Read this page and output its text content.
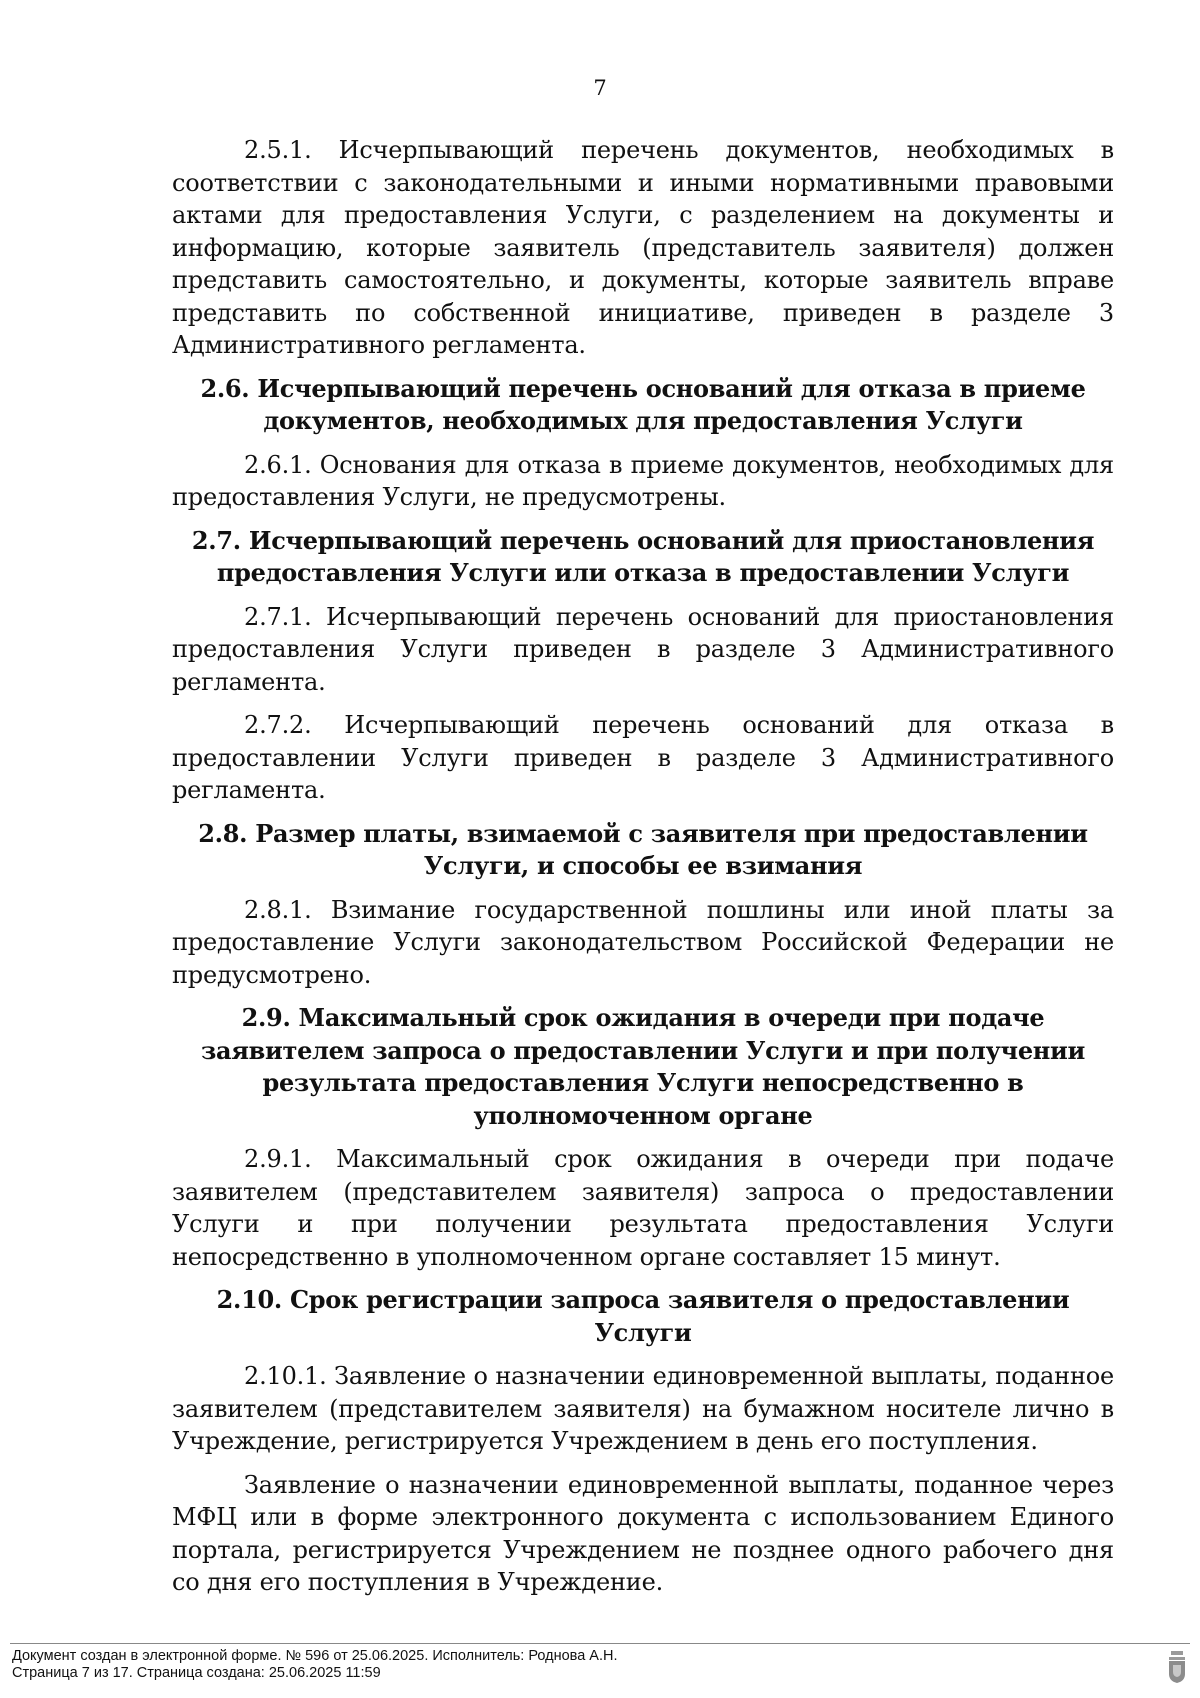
7

2.5.1. Исчерпывающий перечень документов, необходимых в соответствии с законодательными и иными нормативными правовыми актами для предоставления Услуги, с разделением на документы и информацию, которые заявитель (представитель заявителя) должен представить самостоятельно, и документы, которые заявитель вправе представить по собственной инициативе, приведен в разделе 3 Административного регламента.

2.6. Исчерпывающий перечень оснований для отказа в приеме документов, необходимых для предоставления Услуги

2.6.1. Основания для отказа в приеме документов, необходимых для предоставления Услуги, не предусмотрены.

2.7. Исчерпывающий перечень оснований для приостановления предоставления Услуги или отказа в предоставлении Услуги

2.7.1. Исчерпывающий перечень оснований для приостановления предоставления Услуги приведен в разделе 3 Административного регламента.

2.7.2. Исчерпывающий перечень оснований для отказа в предоставлении Услуги приведен в разделе 3 Административного регламента.

2.8. Размер платы, взимаемой с заявителя при предоставлении Услуги, и способы ее взимания

2.8.1. Взимание государственной пошлины или иной платы за предоставление Услуги законодательством Российской Федерации не предусмотрено.

2.9. Максимальный срок ожидания в очереди при подаче заявителем запроса о предоставлении Услуги и при получении результата предоставления Услуги непосредственно в уполномоченном органе

2.9.1. Максимальный срок ожидания в очереди при подаче заявителем (представителем заявителя) запроса о предоставлении Услуги и при получении результата предоставления Услуги непосредственно в уполномоченном органе составляет 15 минут.

2.10. Срок регистрации запроса заявителя о предоставлении Услуги

2.10.1. Заявление о назначении единовременной выплаты, поданное заявителем (представителем заявителя) на бумажном носителе лично в Учреждение, регистрируется Учреждением в день его поступления.

Заявление о назначении единовременной выплаты, поданное через МФЦ или в форме электронного документа с использованием Единого портала, регистрируется Учреждением не позднее одного рабочего дня со дня его поступления в Учреждение.

Документ создан в электронной форме. № 596 от 25.06.2025. Исполнитель: Роднова А.Н.
Страница 7 из 17. Страница создана: 25.06.2025 11:59
